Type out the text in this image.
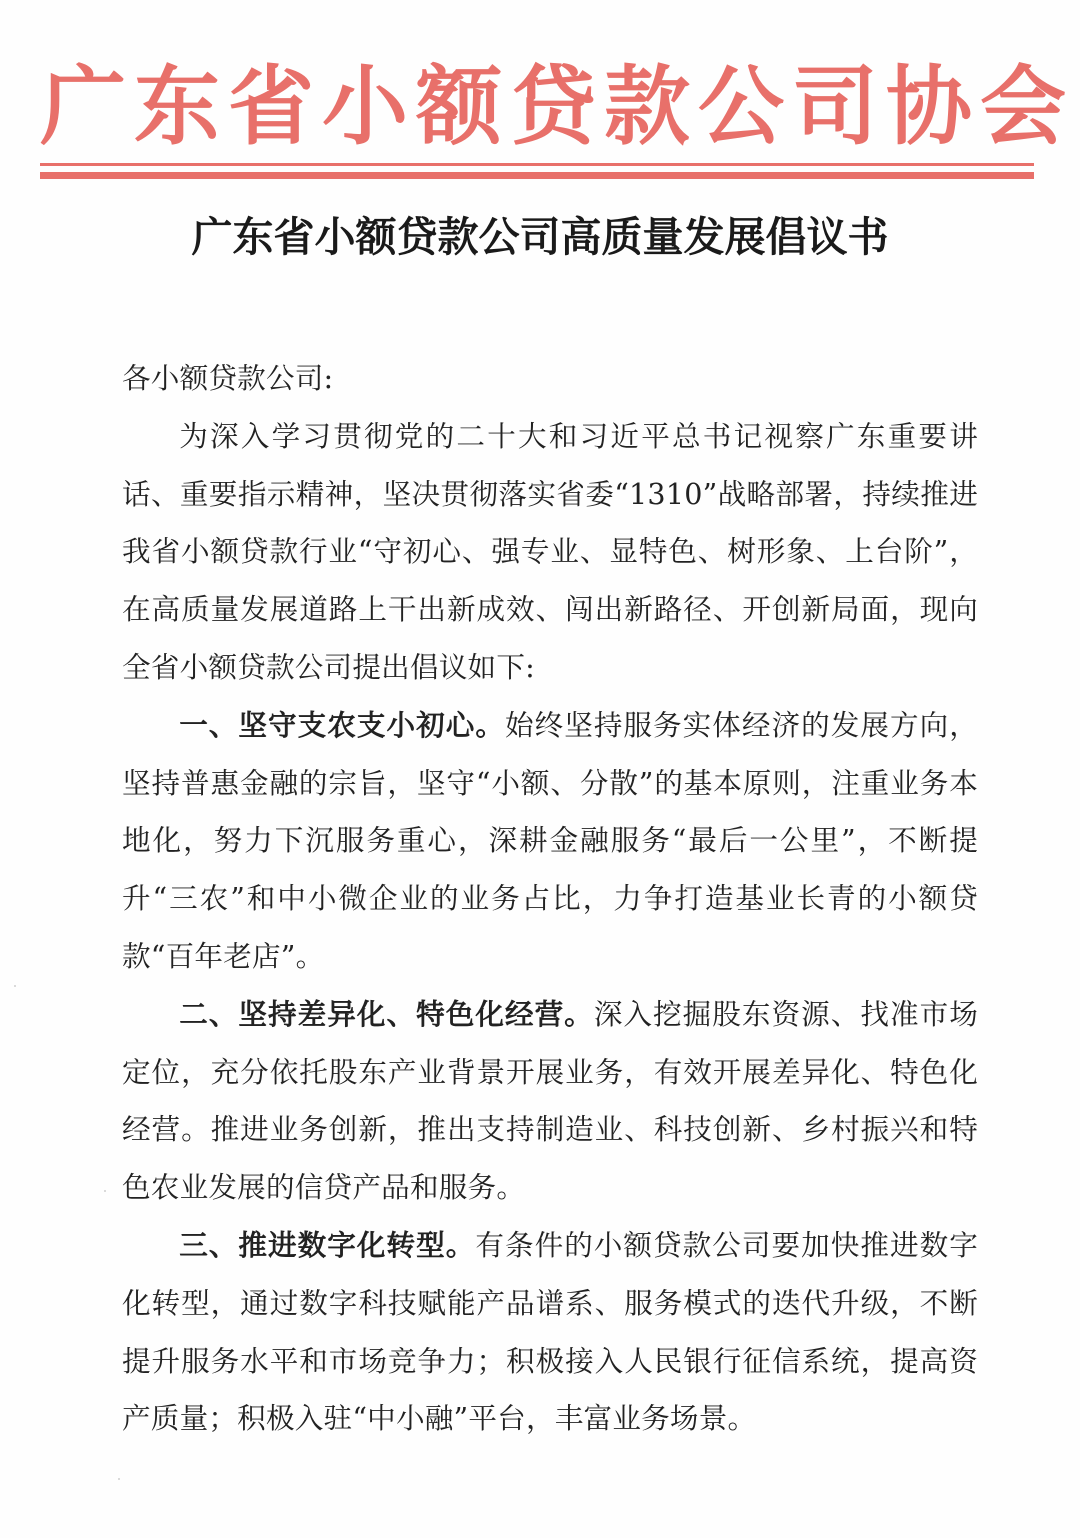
广东省小额贷款公司协会
广东省小额贷款公司高质量发展倡议书

各小额贷款公司:

为深入学习贯彻党的二十大和习近平总书记视察广东重要讲话、重要指示精神，坚决贯彻落实省委“1310”战略部署，持续推进我省小额贷款行业“守初心、强专业、显特色、树形象、上台阶”，在高质量发展道路上干出新成效、闯出新路径、开创新局面，现向全省小额贷款公司提出倡议如下:

一、坚守支农支小初心。始终坚持服务实体经济的发展方向，坚持普惠金融的宗旨，坚守“小额、分散”的基本原则，注重业务本地化，努力下沉服务重心，深耕金融服务“最后一公里”，不断提升“三农”和中小微企业的业务占比，力争打造基业长青的小额贷款“百年老店”。

二、坚持差异化、特色化经营。深入挖掘股东资源、找准市场定位，充分依托股东产业背景开展业务，有效开展差异化、特色化经营。推进业务创新，推出支持制造业、科技创新、乡村振兴和特色农业发展的信贷产品和服务。

三、推进数字化转型。有条件的小额贷款公司要加快推进数字化转型，通过数字科技赋能产品谱系、服务模式的迭代升级，不断提升服务水平和市场竞争力；积极接入人民银行征信系统，提高资产质量；积极入驻“中小融”平台，丰富业务场景。
